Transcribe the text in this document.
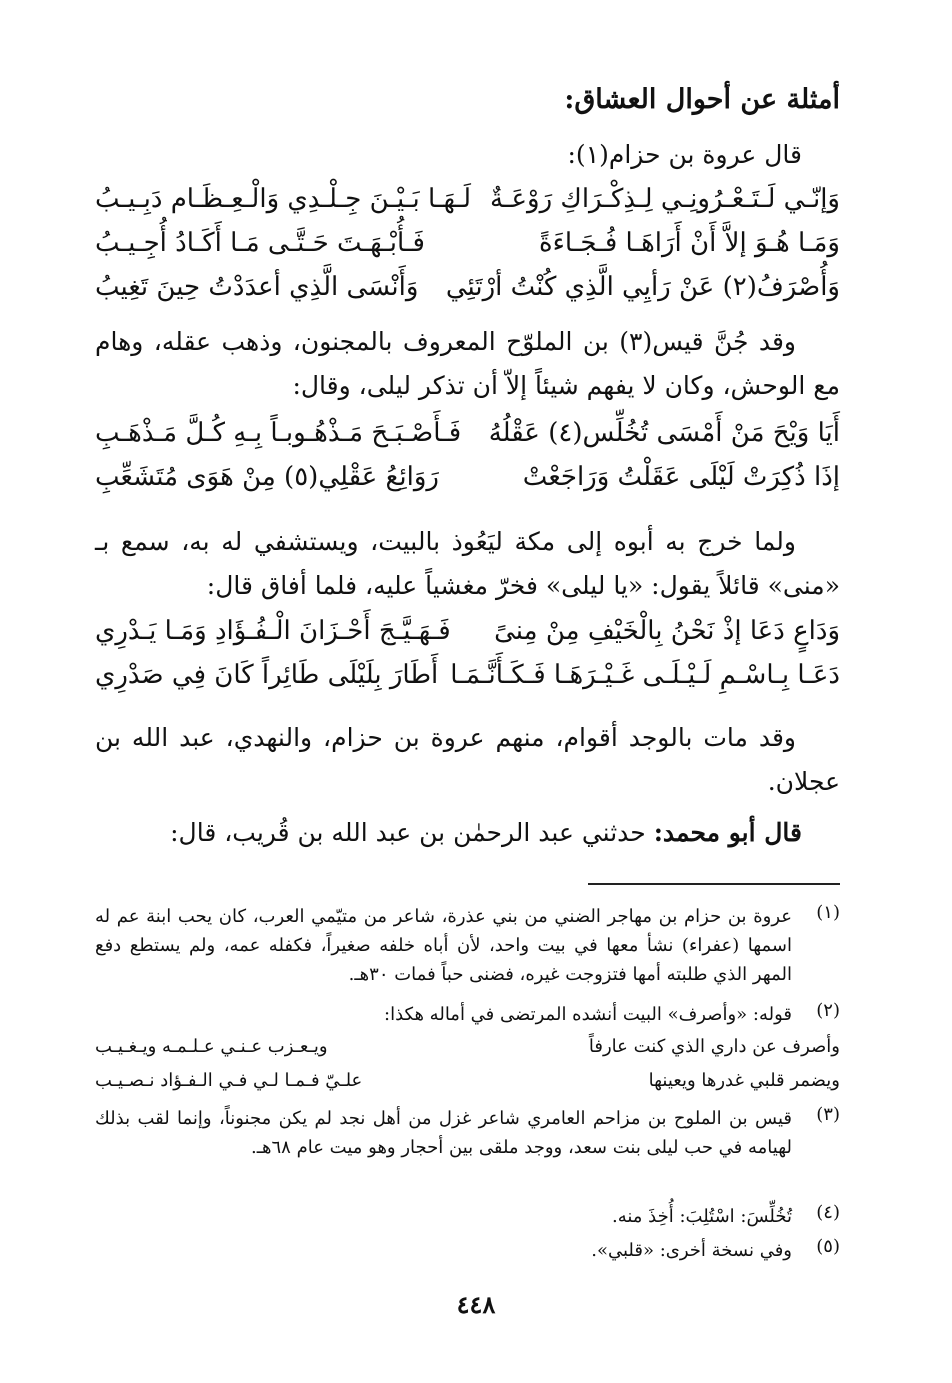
أمثلة عن أحوال العشاق:
قال عروة بن حزام(١):
وَإنّـي لَـتَـعْـرُونِـي لِـذِكْـرَاكِ رَوْعَـةٌ
لَـهَـا بَـيْـنَ جِـلْـدِي وَالْـعِـظَـام دَبِـيـبُ
وَمَـا هُـوَ إلاَّ أَنْ أَرَاهَـا فُـجَـاءَةً
فَـأُبْـهَـتَ حَـتَّـى مَـا أَكَـادُ أُجِـيـبُ
وَأُصْرَفُ(٢) عَنْ رَأيِي الَّذِي كُنْتُ أرْتَئِي
وَأَنْسَى الَّذِي أعدَدْتُ حِينَ تَغِيبُ
وقد جُنَّ قيس(٣) بن الملوّح المعروف بالمجنون، وذهب عقله، وهام مع الوحش، وكان لا يفهم شيئاً إلاّ أن تذكر ليلى، وقال:
أَيَا وَيْحَ مَنْ أَمْسَى تُخُلِّس(٤) عَقْلُهُ
فَـأَصْـبَـحَ مَـذْهُـوبـاً بِـهِ كُـلَّ مَـذْهَـبِ
إذَا ذُكِرَتْ لَيْلَى عَقَلْتُ وَرَاجَعْتْ
رَوَائِعُ عَقْلِي(٥) مِنْ هَوَى مُتَشَعِّبِ
ولما خرج به أبوه إلى مكة ليَعُوذ بالبيت، ويستشفي له به، سمع بـ «منى» قائلاً يقول: «يا ليلى» فخرّ مغشياً عليه، فلما أفاق قال:
وَدَاعٍ دَعَا إذْ نَحْنُ بِالْخَيْفِ مِنْ مِنىً
فَـهَـيَّـجَ أَحْـزَانَ الْـفُـؤَادِ وَمَـا يَـدْرِي
دَعَـا بِـاسْـمِ لَـيْـلَـى غَـيْـرَهَـا فَـكَـأَنَّـمَـا
أَطَارَ بِلَيْلَى طَائِراً كَانَ فِي صَدْرِي
وقد مات بالوجد أقوام، منهم عروة بن حزام، والنهدي، عبد الله بن عجلان.
قال أبو محمد: حدثني عبد الرحمٰن بن عبد الله بن قُريب، قال:
(١)
عروة بن حزام بن مهاجر الضني من بني عذرة، شاعر من متيّمي العرب، كان يحب ابنة عم له اسمها (عفراء) نشأ معها في بيت واحد، لأن أباه خلفه صغيراً، فكفله عمه، ولم يستطع دفع المهر الذي طلبته أمها فتزوجت غيره، فضنى حباً فمات ٣٠هـ.
(٢)
قوله: «وأصرف» البيت أنشده المرتضى في أماله هكذا:
وأصرف عن داري الذي كنت عارفاً
ويـعـزب عـنـي عـلـمـه ويـغـيـب
ويضمر قلبي غدرها ويعينها
علـيّ فـمـا لـي فـي الـفـؤاد نـصـيـب
(٣)
قيس بن الملوح بن مزاحم العامري شاعر غزل من أهل نجد لم يكن مجنوناً، وإنما لقب بذلك لهيامه في حب ليلى بنت سعد، ووجد ملقى بين أحجار وهو ميت عام ٦٨هـ.
(٤)
تُخُلِّسَ: اسْتُلِبَ: أُخِذَ منه.
(٥)
وفي نسخة أخرى: «قلبي».
٤٤٨
